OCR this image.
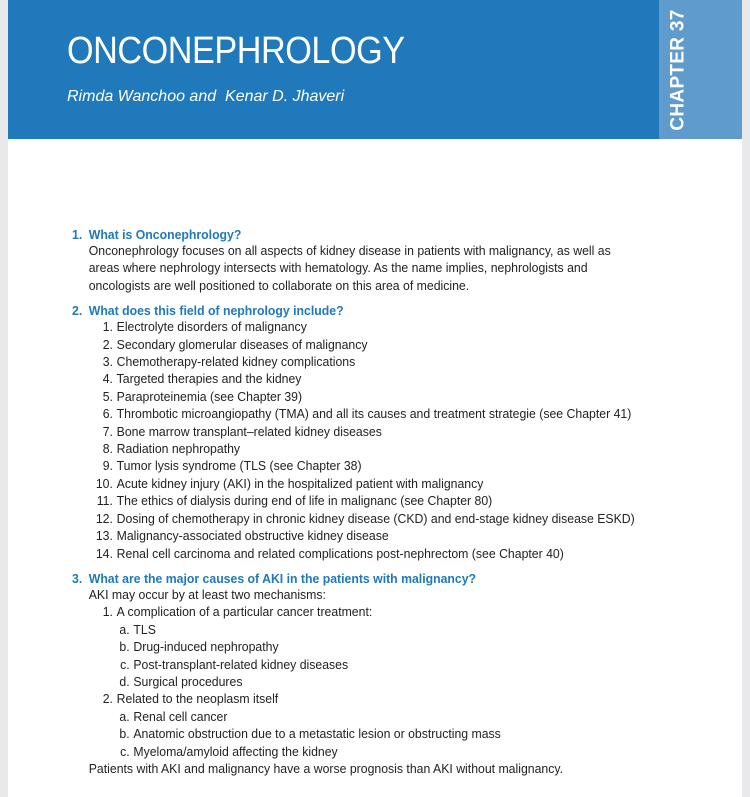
ONCONEPHROLOGY
Rimda Wanchoo and  Kenar D. Jhaveri	CHAPTER 37
1. What is Onconephrology?
Onconephrology focuses on all aspects of kidney disease in patients with malignancy, as well as
areas where nephrology intersects with hematology. As the name implies, nephrologists and
oncologists are well positioned to collaborate on this area of medicine.
2. What does this field of nephrology include?
1. Electrolyte disorders of malignancy
2. Secondary glomerular diseases of malignancy
3. Chemotherapy-related kidney complications
4. Targeted therapies and the kidney
5. Paraproteinemia (see Chapter 39)
6. Thrombotic microangiopathy (TMA) and all its causes and treatment strategie (see Chapter 41)
7. Bone marrow transplant–related kidney diseases
8. Radiation nephropathy
9. Tumor lysis syndrome (TLS (see Chapter 38)
10. Acute kidney injury (AKI) in the hospitalized patient with malignancy
11. The ethics of dialysis during end of life in malignanc (see Chapter 80)
12. Dosing of chemotherapy in chronic kidney disease (CKD) and end-stage kidney disease ESKD)
13. Malignancy-associated obstructive kidney disease
14. Renal cell carcinoma and related complications post-nephrectom (see Chapter 40)
3. What are the major causes of AKI in the patients with malignancy?
AKI may occur by at least two mechanisms:
1. A complication of a particular cancer treatment:
a. TLS
b. Drug-induced nephropathy
c. Post-transplant-related kidney diseases
d. Surgical procedures
2. Related to the neoplasm itself
a. Renal cell cancer
b. Anatomic obstruction due to a metastatic lesion or obstructing mass
c. Myeloma/amyloid affecting the kidney
Patients with AKI and malignancy have a worse prognosis than AKI without malignancy.
